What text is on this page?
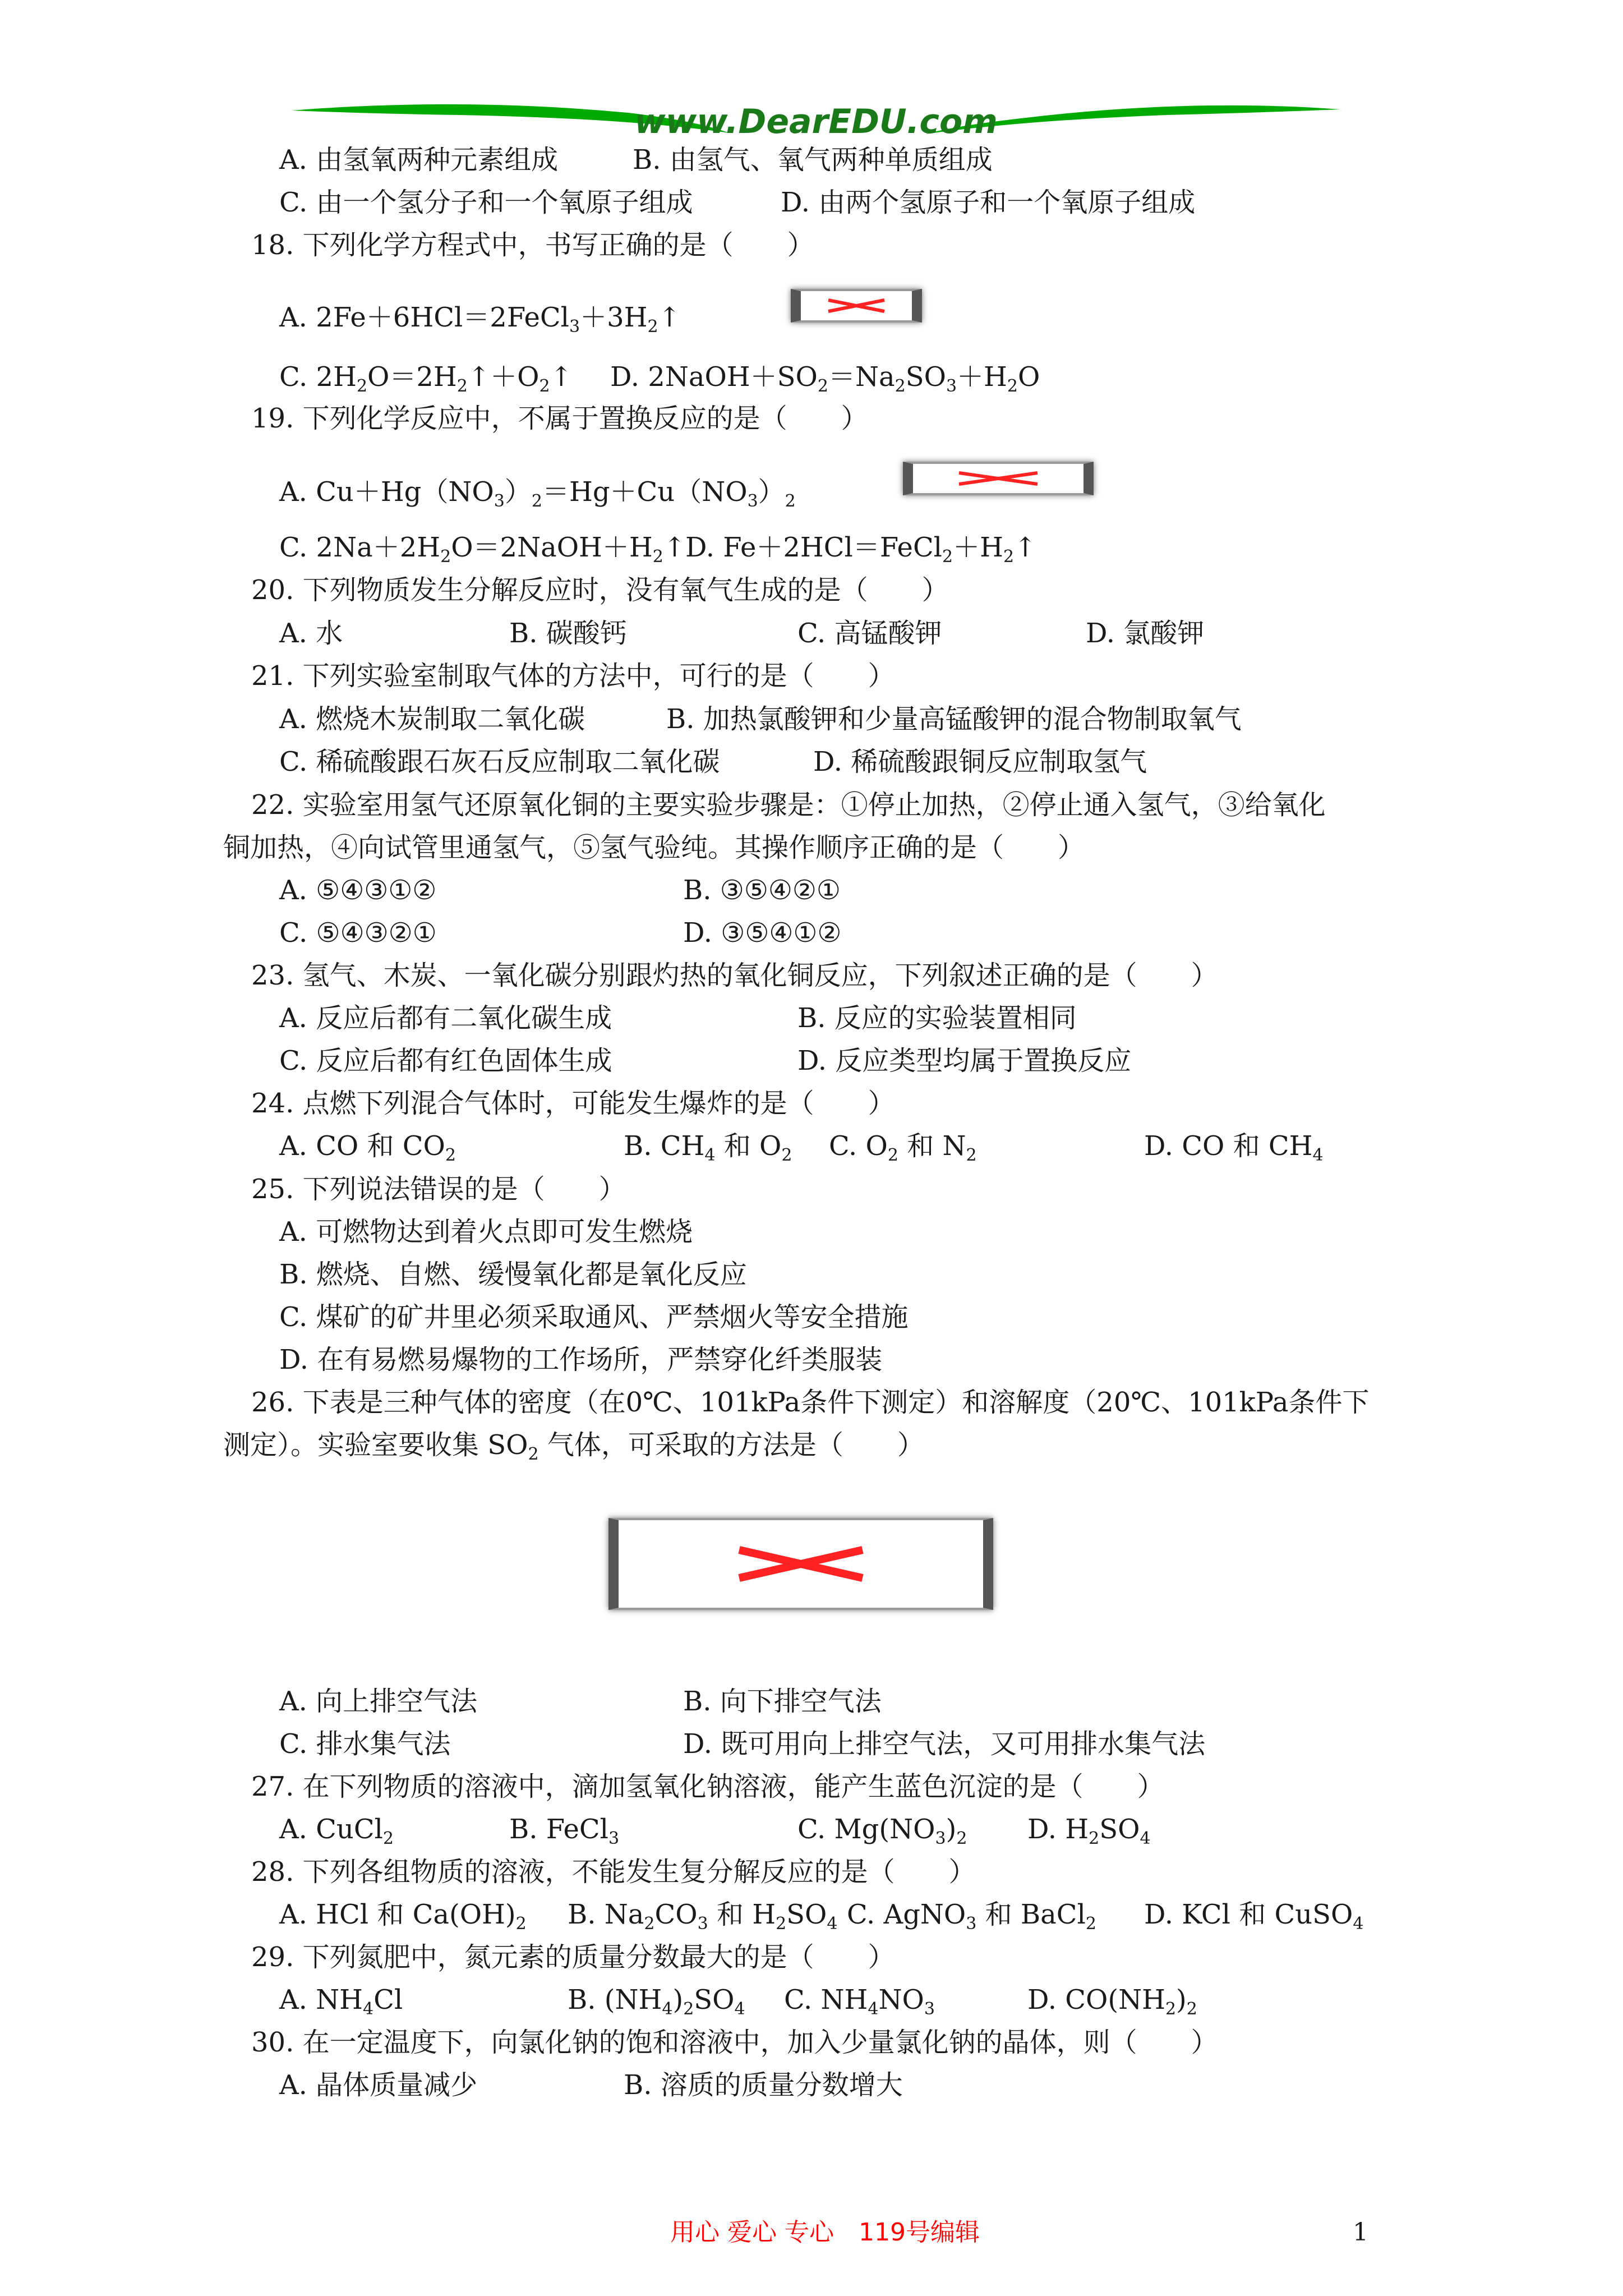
www.DearEDU.com
A. 由氢氧两种元素组成	B. 由氢气、氧气两种单质组成
C. 由一个氢分子和一个氧原子组成	D. 由两个氢原子和一个氧原子组成
18. 下列化学方程式中，书写正确的是（　　）
A. $2Fe+6HCl=2FeCl_3+3H_2↑$
C. $2H_2O=2H_2↑+O_2↑$ D. $2NaOH+SO_2=Na_2SO_3+H_2O$
19. 下列化学反应中，不属于置换反应的是（　　）
A. $Cu+Hg(NO_3)_2=Hg+Cu(NO_3)_2$
C. $2Na+2H_2O=2NaOH+H_2↑$
D. $Fe+2HCl=FeCl_2+H_2↑$
20. 下列物质发生分解反应时，没有氧气生成的是（　　）
A. 水	B. 碳酸钙	C. 高锰酸钾	D. 氯酸钾
21. 下列实验室制取气体的方法中，可行的是（　　）
A. 燃烧木炭制取二氧化碳	B. 加热氯酸钾和少量高锰酸钾的混合物制取氧气
C. 稀硫酸跟石灰石反应制取二氧化碳	D. 稀硫酸跟铜反应制取氢气
22. 实验室用氢气还原氧化铜的主要实验步骤是：①停止加热，②停止通入氢气，③给氧化
铜加热，④向试管里通氢气，⑤氢气验纯。其操作顺序正确的是（　　）
A. ⑤④③①②	B. ③⑤④②①
C. ⑤④③②①	D. ③⑤④①②
23. 氢气、木炭、一氧化碳分别跟灼热的氧化铜反应，下列叙述正确的是（　　）
A. 反应后都有二氧化碳生成	B. 反应的实验装置相同
C. 反应后都有红色固体生成	D. 反应类型均属于置换反应
24. 点燃下列混合气体时，可能发生爆炸的是（　　）
A. CO 和 $CO_2$	B. $CH_4$ 和 $O_2$ C. $O_2$ 和 $N_2$	D. CO 和 $CH_4$
25. 下列说法错误的是（　　）
A. 可燃物达到着火点即可发生燃烧
B. 燃烧、自燃、缓慢氧化都是氧化反应
C. 煤矿的矿井里必须采取通风、严禁烟火等安全措施
D. 在有易燃易爆物的工作场所，严禁穿化纤类服装
26. 下表是三种气体的密度（在0℃、101kPa条件下测定）和溶解度（20℃、101kPa条件下
测定）。实验室要收集 $SO_2$ 气体，可采取的方法是（　　）
A. 向上排空气法	B. 向下排空气法
C. 排水集气法	D. 既可用向上排空气法，又可用排水集气法
27. 在下列物质的溶液中，滴加氢氧化钠溶液，能产生蓝色沉淀的是（　　）
A. CuCl$_2$	B. FeCl$_3$	C. $Mg(NO_3)_2$ D. $H_2SO_4$
28. 下列各组物质的溶液，不能发生复分解反应的是（　　）
A. HCl 和 $Ca(OH)_2$ B. $Na_2CO_3$ 和 $H_2SO_4$ C. AgNO$_3$ 和 BaCl$_2$ D. KCl 和 CuSO$_4$
29. 下列氮肥中，氮元素的质量分数最大的是（　　）
A. $NH_4Cl$	B. $(NH_4)_2SO_4$ C. $NH_4NO_3$	D. $CO(NH_2)_2$
30. 在一定温度下，向氯化钠的饱和溶液中，加入少量氯化钠的晶体，则（　　）
A. 晶体质量减少	B. 溶质的质量分数增大
用心 爱心 专心　119号编辑	1
